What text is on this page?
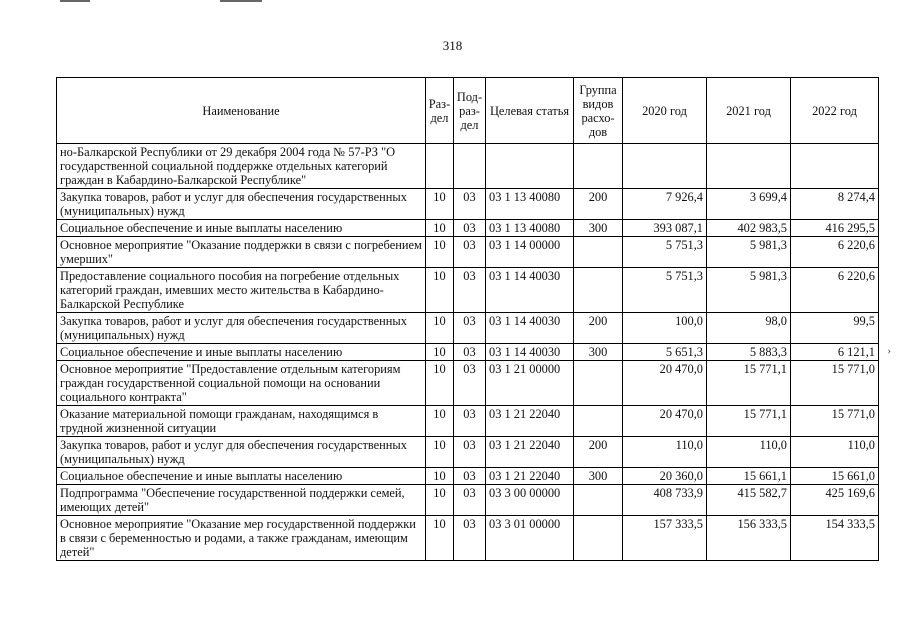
318
›
Наименование	Раз-дел	Под-раз-дел	Целевая статья	Группа видов расхо-дов	2020 год	2021 год	2022 год
но-Балкарской Республики от 29 декабря 2004 года № 57-РЗ "О государственной социальной поддержке отдельных категорий граждан в Кабардино-Балкарской Республике"							
Закупка товаров, работ и услуг для обеспечения государственных (муниципальных) нужд	10	03	03 1 13 40080	200	7 926,4	3 699,4	8 274,4
Социальное обеспечение и иные выплаты населению	10	03	03 1 13 40080	300	393 087,1	402 983,5	416 295,5
Основное мероприятие "Оказание поддержки в связи с погребением умерших"	10	03	03 1 14 00000		5 751,3	5 981,3	6 220,6
Предоставление социального пособия на погребение отдельных категорий граждан, имевших место жительства в Кабардино-Балкарской Республике	10	03	03 1 14 40030		5 751,3	5 981,3	6 220,6
Закупка товаров, работ и услуг для обеспечения государственных (муниципальных) нужд	10	03	03 1 14 40030	200	100,0	98,0	99,5
Социальное обеспечение и иные выплаты населению	10	03	03 1 14 40030	300	5 651,3	5 883,3	6 121,1
Основное мероприятие "Предоставление отдельным категориям граждан государственной социальной помощи на основании социального контракта"	10	03	03 1 21 00000		20 470,0	15 771,1	15 771,0
Оказание материальной помощи гражданам, находящимся в трудной жизненной ситуации	10	03	03 1 21 22040		20 470,0	15 771,1	15 771,0
Закупка товаров, работ и услуг для обеспечения государственных (муниципальных) нужд	10	03	03 1 21 22040	200	110,0	110,0	110,0
Социальное обеспечение и иные выплаты населению	10	03	03 1 21 22040	300	20 360,0	15 661,1	15 661,0
Подпрограмма "Обеспечение государственной поддержки семей, имеющих детей"	10	03	03 3 00 00000		408 733,9	415 582,7	425 169,6
Основное мероприятие "Оказание мер государственной поддержки в связи с беременностью и родами, а также гражданам, имеющим детей"	10	03	03 3 01 00000		157 333,5	156 333,5	154 333,5
